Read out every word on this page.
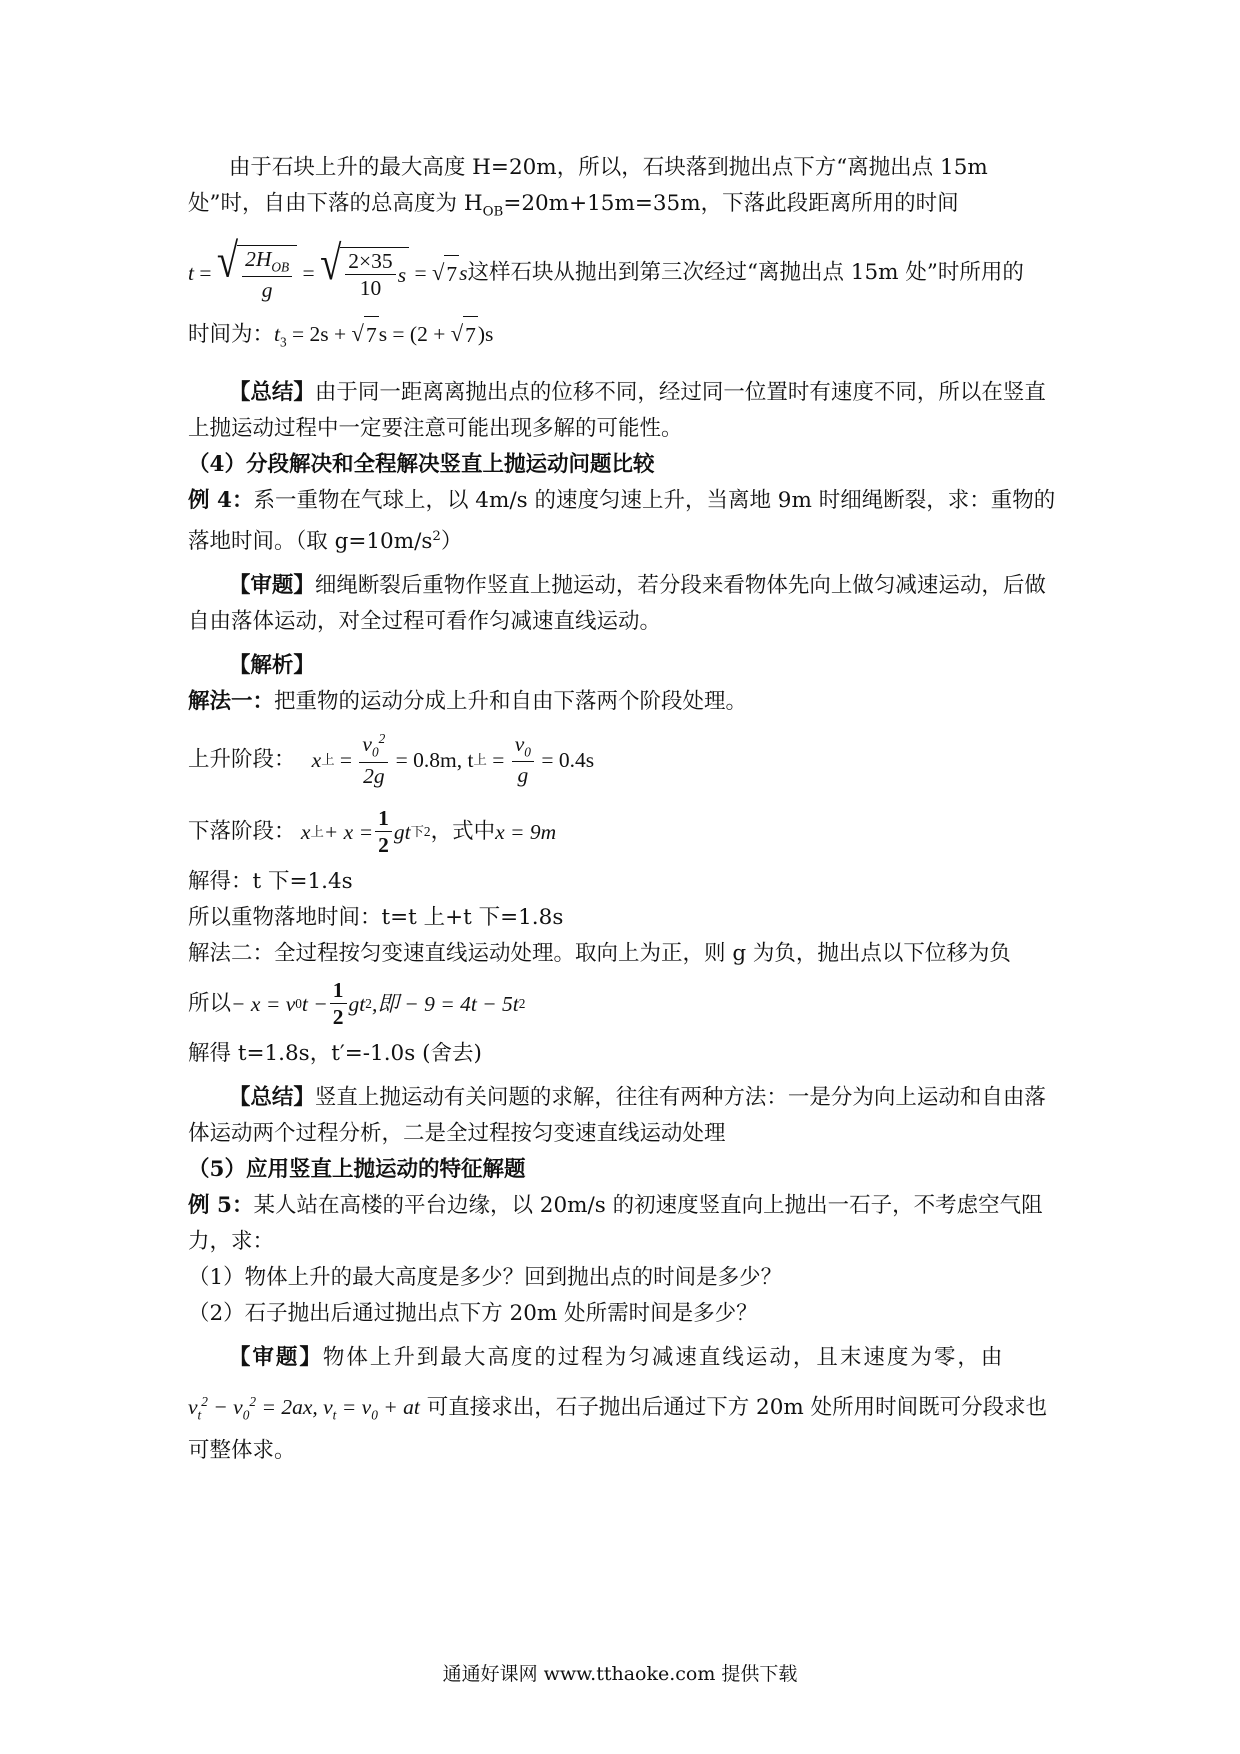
由于石块上升的最大高度 H=20m，所以，石块落到抛出点下方“离抛出点 15m 处”时，自由下落的总高度为 $H_{OB}=20m+15m=35m$，下落此段距离所用的时间

t
=
√ $\frac{2H_{OB}}{g}$
=
√ $\frac{2\times 35}{10}$ s
=
√ 7 s 这样石块从抛出到第三次经过“离抛出点 15m 处”时所用的

时间为：$t_3 = 2s$ + √ 7 s = (2 + √ 7 )s

【总结】由于同一距离离抛出点的位移不同，经过同一位置时有速度不同，所以在竖直上抛运动过程中一定要注意可能出现多解的可能性。

（4）分段解决和全程解决竖直上抛运动问题比较

例 4：系一重物在气球上，以 4m/s 的速度匀速上升，当离地 9m 时细绳断裂，求：重物的落地时间。（取 $g=10m/s^2$）

【审题】细绳断裂后重物作竖直上抛运动，若分段来看物体先向上做匀减速运动，后做自由落体运动，对全过程可看作匀减速直线运动。

【解析】

解法一：把重物的运动分成上升和自由下落两个阶段处理。

上升阶段：
x 上 = $\frac{v_0^2}{2g}$
= 0.8m, t 上 = $\frac{v_0}{g}$
= 0.4s
下落阶段：
x 上 + $x = \frac{1}{2}$ gt 下 2 ，式中 x = 9m

解得：t 下=1.4s

所以重物落地时间：t=t 上+t 下=1.8s

解法二：全过程按匀变速直线运动处理。取向上为正，则 g 为负，抛出点以下位移为负

所以 − x = v 0 $t - \frac{1}{2}$ gt 2 ,即 − 9 = 4t − 5t 2

解得 t=1.8s，t′=-1.0s (舍去)

【总结】竖直上抛运动有关问题的求解，往往有两种方法：一是分为向上运动和自由落体运动两个过程分析，二是全过程按匀变速直线运动处理

（5）应用竖直上抛运动的特征解题

例 5：某人站在高楼的平台边缘，以 20m/s 的初速度竖直向上抛出一石子，不考虑空气阻力，求：

（1）物体上升的最大高度是多少？回到抛出点的时间是多少？

（2）石子抛出后通过抛出点下方 20m 处所需时间是多少？

【审题】物体上升到最大高度的过程为匀减速直线运动，且末速度为零，由

$v_t^2 - v_0^2 = 2ax$, $v_t = v_0$ + at 可直接求出，石子抛出后通过下方 20m 处所用时间既可分段求也可整体求。

通通好课网 www.tthaoke.com 提供下载
